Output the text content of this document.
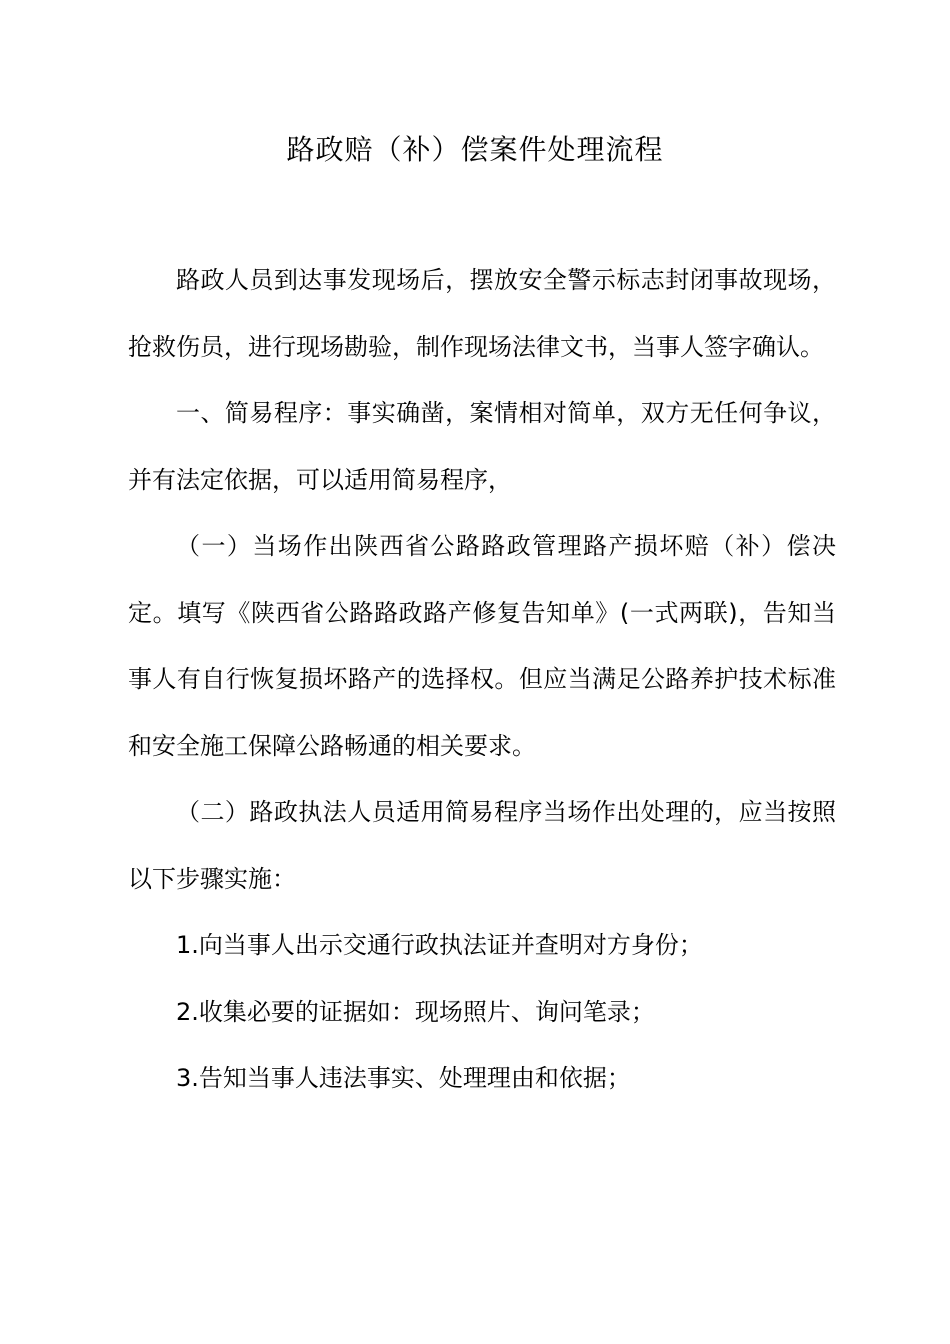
路政赔（补）偿案件处理流程

路政人员到达事发现场后，摆放安全警示标志封闭事故现场，抢救伤员，进行现场勘验，制作现场法律文书，当事人签字确认。

一、简易程序：事实确凿，案情相对简单，双方无任何争议，并有法定依据，可以适用简易程序，

（一）当场作出陕西省公路路政管理路产损坏赔（补）偿决定。填写《陕西省公路路政路产修复告知单》(一式两联)，告知当事人有自行恢复损坏路产的选择权。但应当满足公路养护技术标准和安全施工保障公路畅通的相关要求。

（二）路政执法人员适用简易程序当场作出处理的，应当按照以下步骤实施：

1.向当事人出示交通行政执法证并查明对方身份；

2.收集必要的证据如：现场照片、询问笔录；

3.告知当事人违法事实、处理理由和依据；
